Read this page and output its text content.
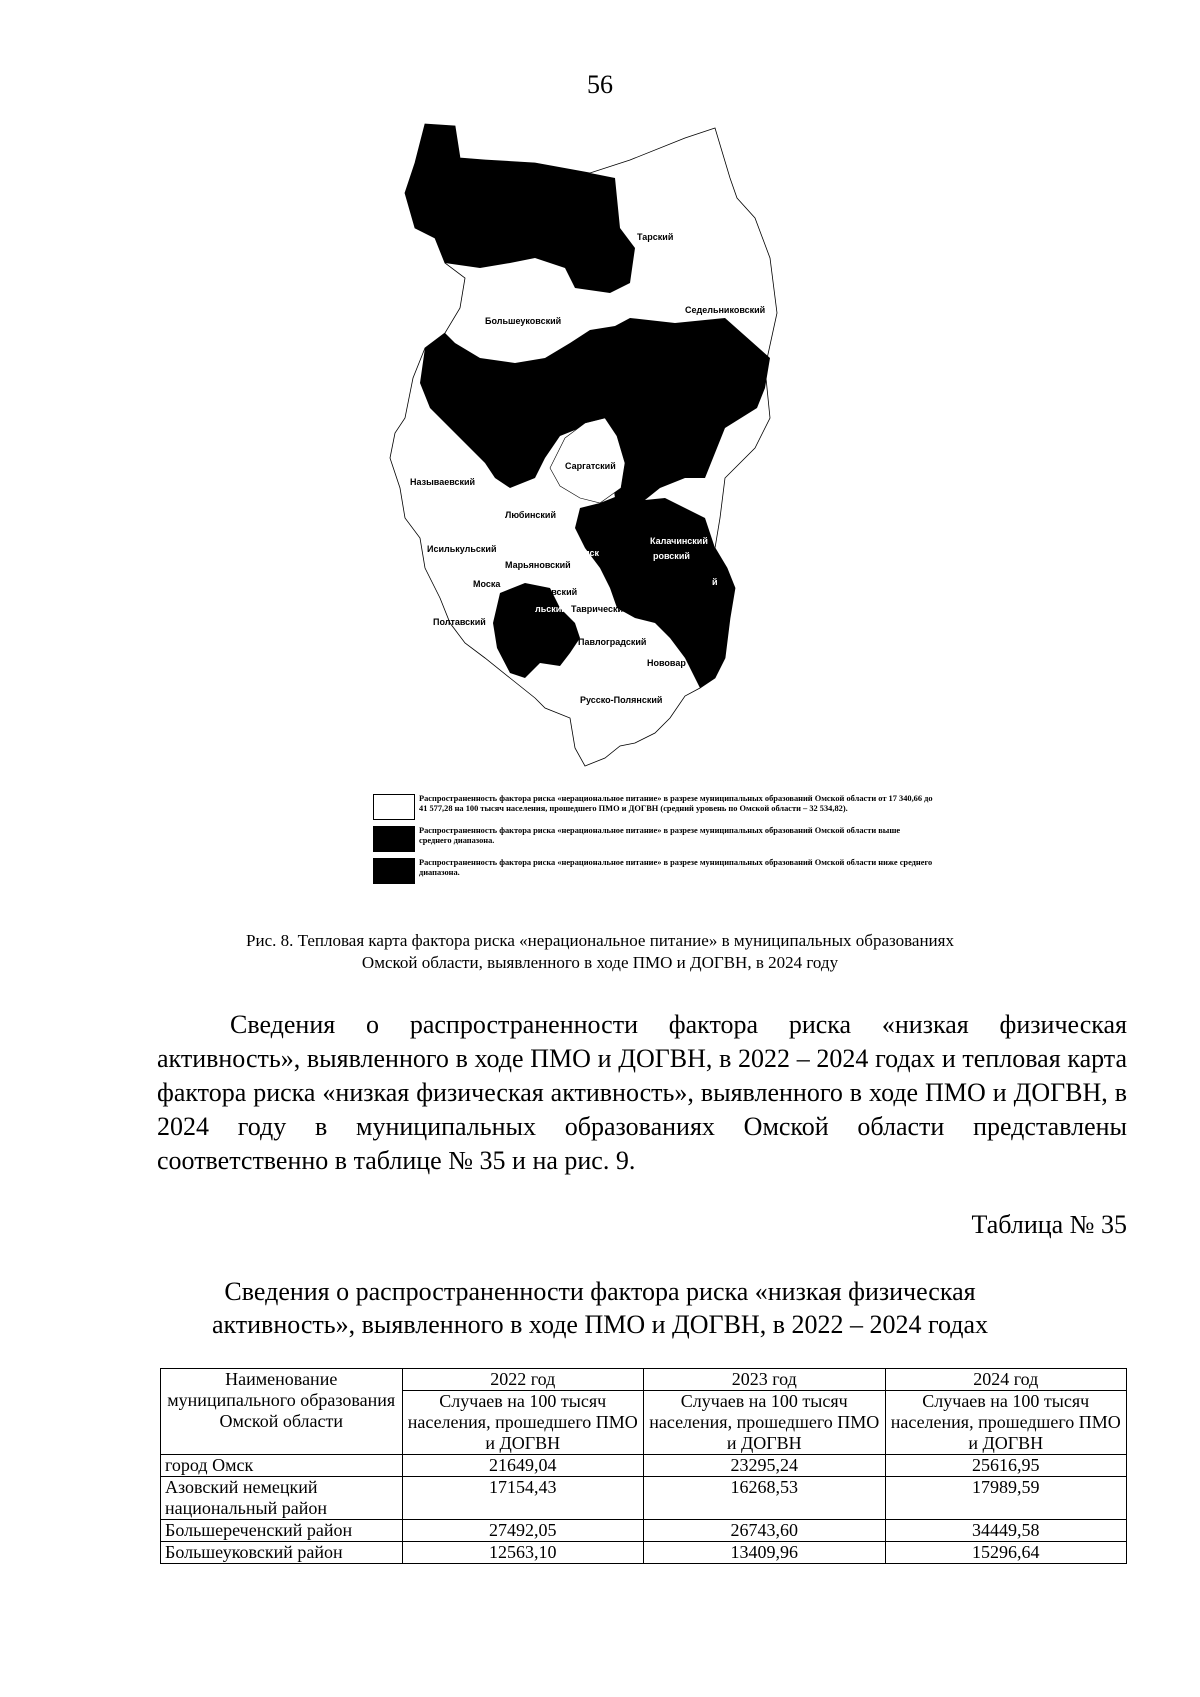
56
Тарский
Седельниковский
Большеуковский
Саргатский
Называевский
Любинский
Исилькульский	Омск
Калачинский
ровский
Марьяновский
Моска
Азовский
льский Таврический
Полтавский
Павлоградский
Нововар
Русско-Полянский
й
Распространенность фактора риска «нерациональное питание» в разрезе муниципальных образований Омской области от 17 340,66 до 41 577,28 на 100 тысяч населения, прошедшего ПМО и ДОГВН (средний уровень по Омской области – 32 534,82).
Распространенность фактора риска «нерациональное питание» в разрезе муниципальных образований Омской области выше среднего диапазона.
Распространенность фактора риска «нерациональное питание» в разрезе муниципальных образований Омской области ниже среднего диапазона.
Рис. 8. Тепловая карта фактора риска «нерациональное питание» в муниципальных образованиях
Омской области, выявленного в ходе ПМО и ДОГВН, в 2024 году
Сведения о распространенности фактора риска «низкая физическая активность», выявленного в ходе ПМО и ДОГВН, в 2022 – 2024 годах и тепловая карта фактора риска «низкая физическая активность», выявленного в ходе ПМО и ДОГВН, в 2024 году в муниципальных образованиях Омской области представлены соответственно в таблице № 35 и на рис. 9.
Таблица № 35
Сведения о распространенности фактора риска «низкая физическая
активность», выявленного в ходе ПМО и ДОГВН, в 2022 – 2024 годах
Наименование муниципального образования Омской области	2022 год	2023 год	2024 год
	Случаев на 100 тысяч населения, прошедшего ПМО и ДОГВН	Случаев на 100 тысяч населения, прошедшего ПМО и ДОГВН	Случаев на 100 тысяч населения, прошедшего ПМО и ДОГВН
город Омск	21649,04	23295,24	25616,95
Азовский немецкий национальный район	17154,43	16268,53	17989,59
Большереченский район	27492,05	26743,60	34449,58
Большеуковский район	12563,10	13409,96	15296,64
